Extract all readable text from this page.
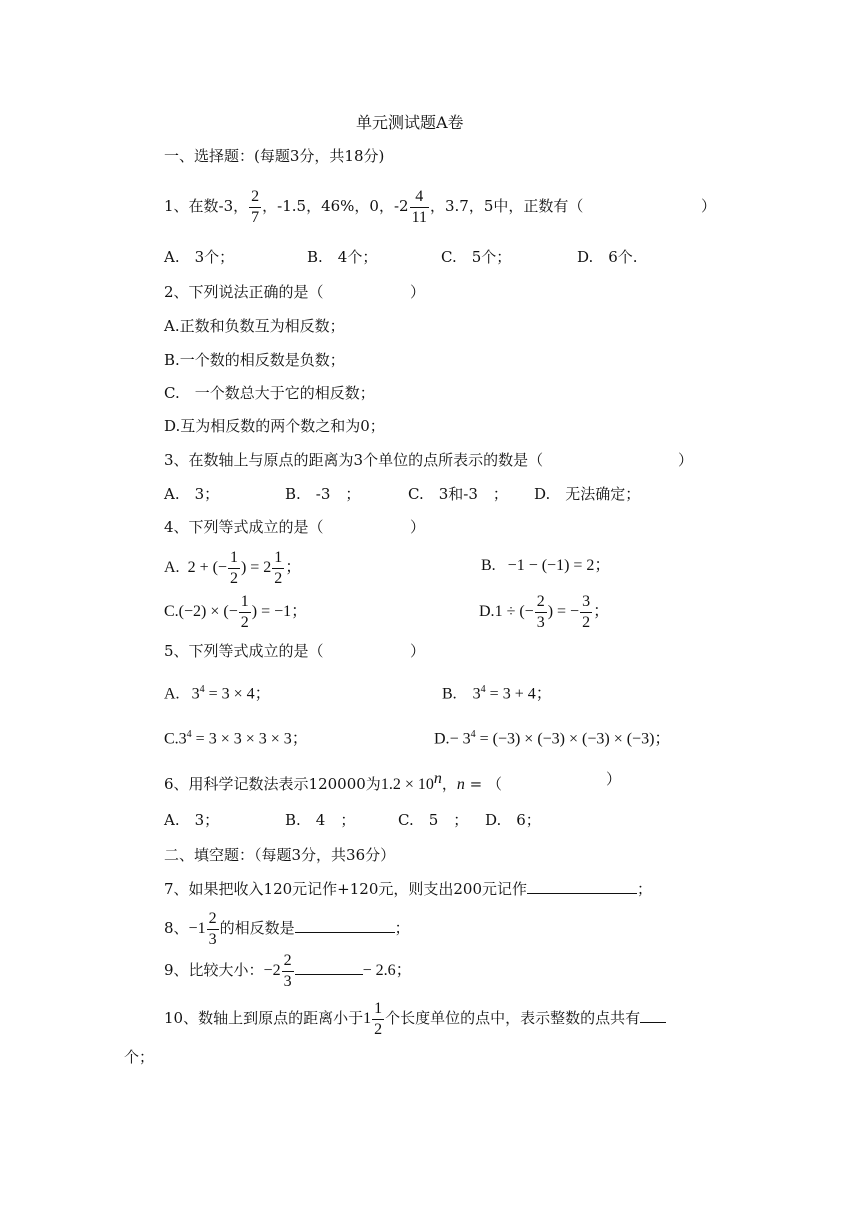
单元测试题A卷
一、选择题：(每题3分，共18分)
1、在数-3， $\frac{2}{7}$ ，-1.5，46%，0，$-2 \frac{4}{11}$ ，3.7，5中，正数有（	）
A.　3个；	B.　4个；	C.　5个；	D.　6个.
2、下列说法正确的是（	）
A.正数和负数互为相反数；
B.一个数的相反数是负数；
C.　一个数总大于它的相反数；
D.互为相反数的两个数之和为0；
3、在数轴上与原点的距离为3个单位的点所表示的数是（	）
A.　3；	B.　-3　；	C.　3和-3　； D.　无法确定；
4、下列等式成立的是（	）
A. 2 + (− $\frac{1}{2}$ ) = $2 \frac{1}{2}$ ；	B. −1 − (−1) = 2；
C.(−2) × (− $\frac{1}{2}$ ) = −1；	D.1 ÷ (− $\frac{2}{3}$ ) = − $\frac{3}{2}$ ；
5、下列等式成立的是（	）
A. $3^4 = 3 \times 4$；	B. $3^4 = 3 + 4$；
$C.3^4 = 3 \times 3 \times 3 \times 3$；	$D.- 3^4 = (-3) \times (-3) \times (-3) \times (-3)$；
6、用科学记数法表示120000为$1.2 \times 10^n$，n = （	）
A.　3；	B.　4　；	C.　5　； D.　6；
二、填空题：（每题3分，共36分）
7、如果把收入120元记作+120元，则支出200元记作	；
8、$-1 \frac{2}{3}$ 的相反数是	；
9、比较大小：$-2 \frac{2}{3}$	− 2.6；
10、数轴上到原点的距离小于$1 \frac{1}{2}$ 个长度单位的点中，表示整数的点共有
个；
